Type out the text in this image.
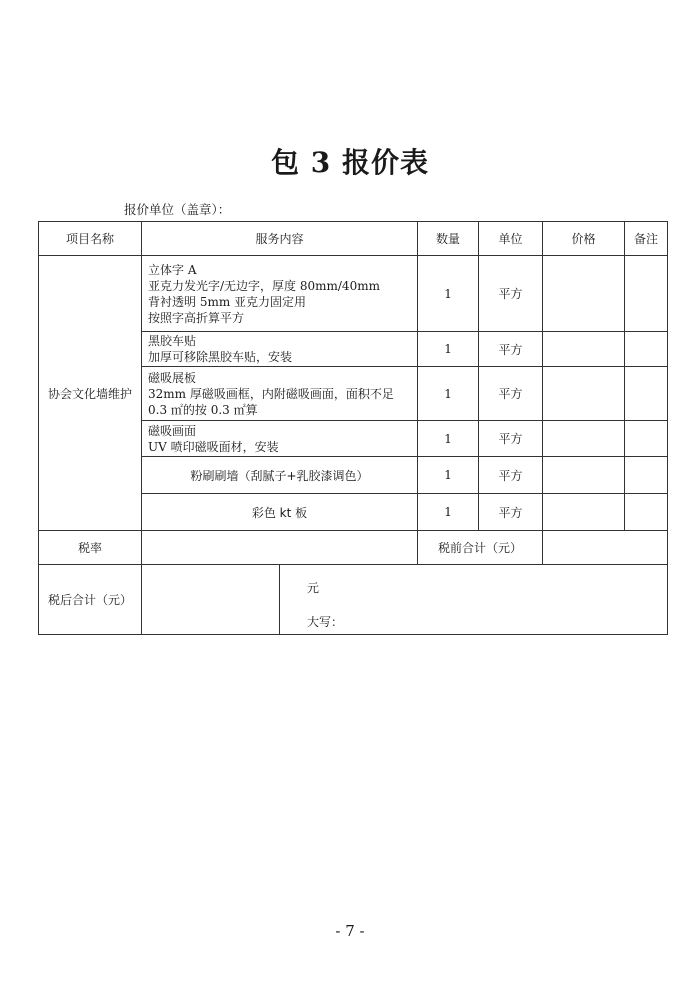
包 3 报价表
报价单位（盖章）：
项目名称	服务内容		数量	单位	价格	备注
协会文化墙维护	立体字 A
亚克力发光字/无边字，厚度 80mm/40mm
背衬透明 5mm 亚克力固定用
按照字高折算平方		1	平方		

	黑胶车贴
加厚可移除黑胶车贴，安装		1	平方		

	磁吸展板
32mm 厚磁吸画框，内附磁吸画面，面积不足
0.3 ㎡的按 0.3 ㎡算		1	平方		

	磁吸画面
UV 喷印磁吸面材，安装		1	平方		
	粉刷刷墙（刮腻子+乳胶漆调色）		1	平方		
	彩色 kt 板		1	平方		
税率			税前合计（元）			
税后合计（元）		元
大写：				
- 7 -
